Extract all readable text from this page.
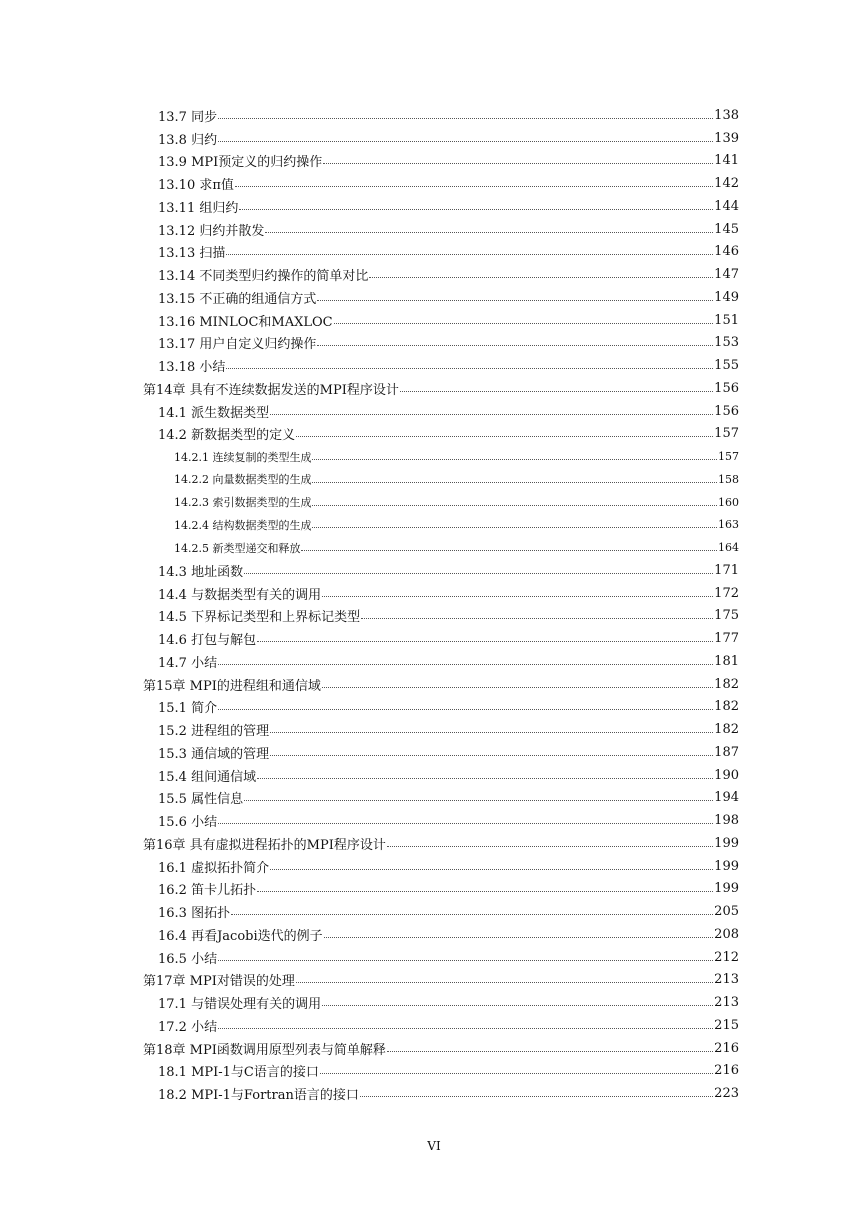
13.7 同步	138
13.8 归约	139
13.9 MPI预定义的归约操作	141
13.10 求π值	142
13.11 组归约	144
13.12 归约并散发	145
13.13 扫描	146
13.14 不同类型归约操作的简单对比	147
13.15 不正确的组通信方式	149
13.16 MINLOC和MAXLOC	151
13.17 用户自定义归约操作	153
13.18 小结	155
第14章 具有不连续数据发送的MPI程序设计	156
14.1 派生数据类型	156
14.2 新数据类型的定义	157
14.2.1 连续复制的类型生成	157
14.2.2 向量数据类型的生成	158
14.2.3 索引数据类型的生成	160
14.2.4 结构数据类型的生成	163
14.2.5 新类型递交和释放	164
14.3 地址函数	171
14.4 与数据类型有关的调用	172
14.5 下界标记类型和上界标记类型	175
14.6 打包与解包	177
14.7 小结	181
第15章 MPI的进程组和通信域	182
15.1 简介	182
15.2 进程组的管理	182
15.3 通信域的管理	187
15.4 组间通信域	190
15.5 属性信息	194
15.6 小结	198
第16章 具有虚拟进程拓扑的MPI程序设计	199
16.1 虚拟拓扑简介	199
16.2 笛卡儿拓扑	199
16.3 图拓扑	205
16.4 再看Jacobi迭代的例子	208
16.5 小结	212
第17章 MPI对错误的处理	213
17.1 与错误处理有关的调用	213
17.2 小结	215
第18章 MPI函数调用原型列表与简单解释	216
18.1 MPI-1与C语言的接口	216
18.2 MPI-1与Fortran语言的接口	223
VI
